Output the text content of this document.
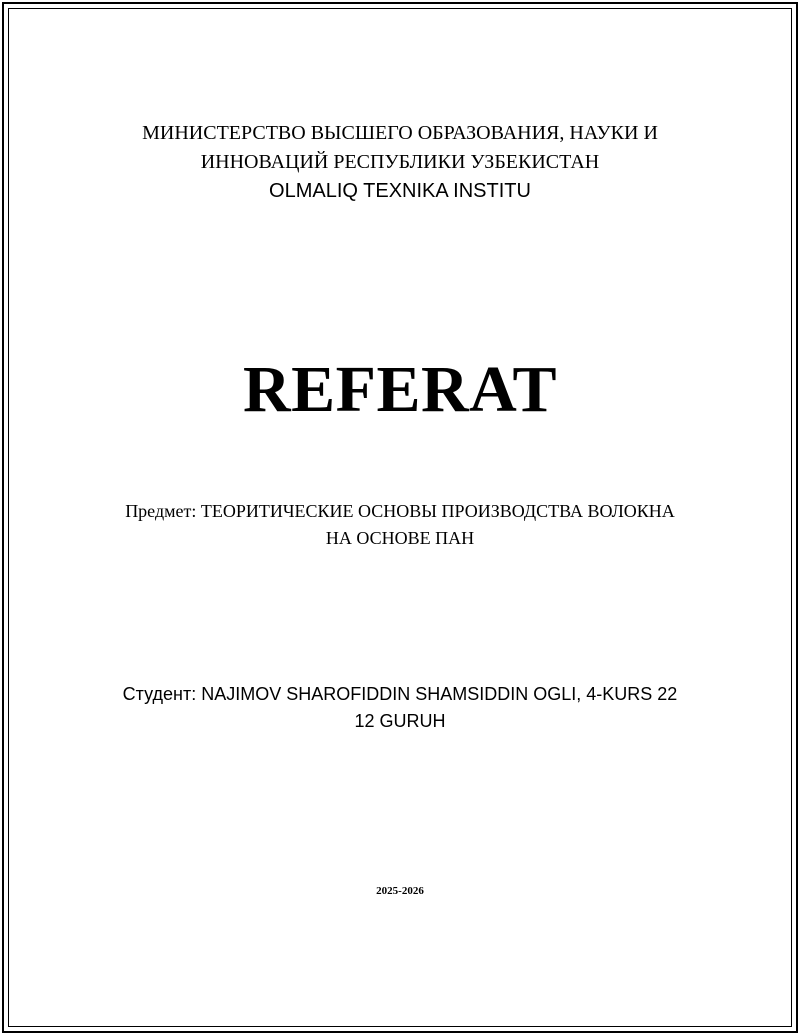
МИНИСТЕРСТВО ВЫСШЕГО ОБРАЗОВАНИЯ, НАУКИ И
ИННОВАЦИЙ РЕСПУБЛИКИ УЗБЕКИСТАН
OLMALIQ TEXNIKA INSTITU
REFERAT
Предмет: ТЕОРИТИЧЕСКИЕ ОСНОВЫ ПРОИЗВОДСТВА ВОЛОКНА
НА ОСНОВЕ ПАН
Студент: NAJIMOV SHAROFIDDIN SHAMSIDDIN OGLI, 4-KURS 22
12 GURUH
2025-2026
